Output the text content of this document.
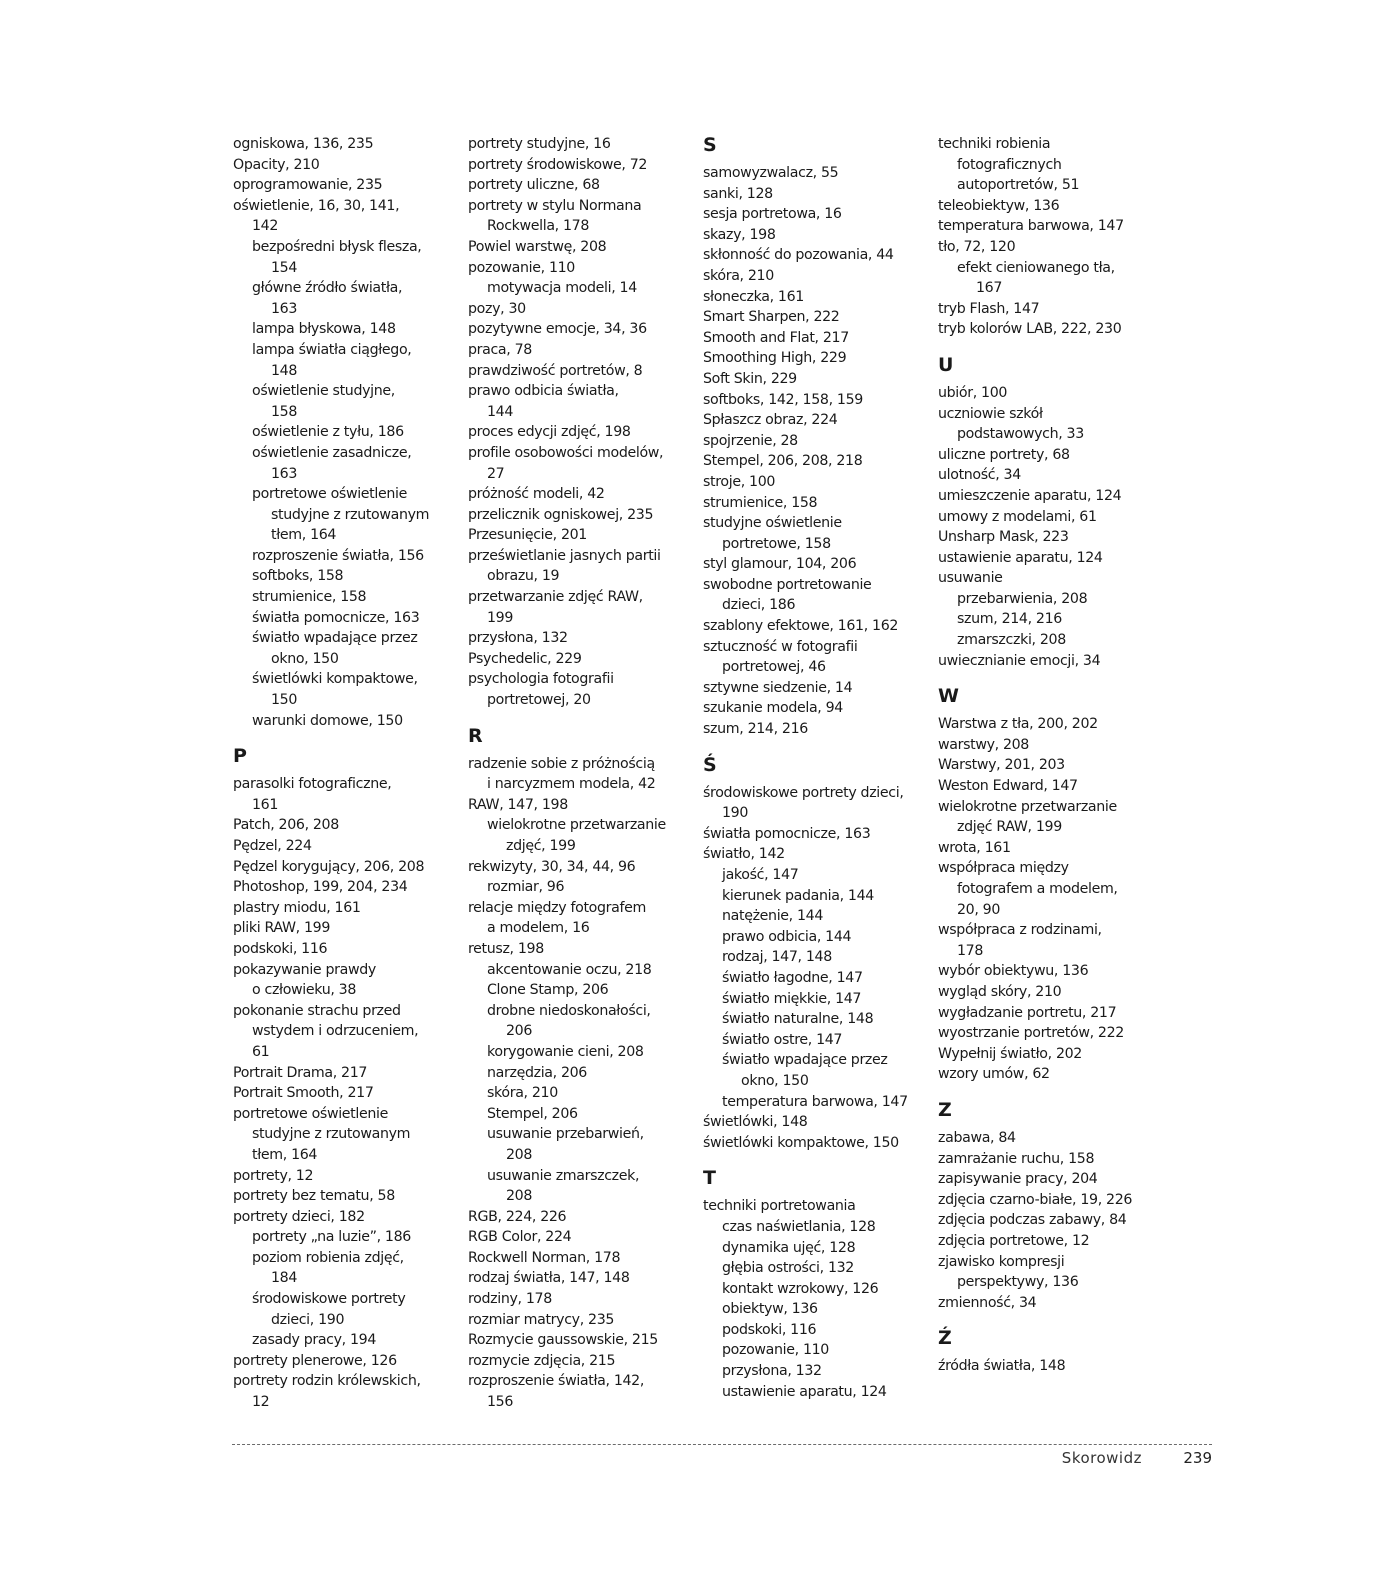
ogniskowa, 136, 235
Opacity, 210
oprogramowanie, 235
oświetlenie, 16, 30, 141,
142
bezpośredni błysk flesza,
154
główne źródło światła,
163
lampa błyskowa, 148
lampa światła ciągłego,
148
oświetlenie studyjne,
158
oświetlenie z tyłu, 186
oświetlenie zasadnicze,
163
portretowe oświetlenie
studyjne z rzutowanym
tłem, 164
rozproszenie światła, 156
softboks, 158
strumienice, 158
światła pomocnicze, 163
światło wpadające przez
okno, 150
świetlówki kompaktowe,
150
warunki domowe, 150
P
parasolki fotograficzne,
161
Patch, 206, 208
Pędzel, 224
Pędzel korygujący, 206, 208
Photoshop, 199, 204, 234
plastry miodu, 161
pliki RAW, 199
podskoki, 116
pokazywanie prawdy
o człowieku, 38
pokonanie strachu przed
wstydem i odrzuceniem,
61
Portrait Drama, 217
Portrait Smooth, 217
portretowe oświetlenie
studyjne z rzutowanym
tłem, 164
portrety, 12
portrety bez tematu, 58
portrety dzieci, 182
portrety „na luzie”, 186
poziom robienia zdjęć,
184
środowiskowe portrety
dzieci, 190
zasady pracy, 194
portrety plenerowe, 126
portrety rodzin królewskich,
12
portrety studyjne, 16
portrety środowiskowe, 72
portrety uliczne, 68
portrety w stylu Normana
Rockwella, 178
Powiel warstwę, 208
pozowanie, 110
motywacja modeli, 14
pozy, 30
pozytywne emocje, 34, 36
praca, 78
prawdziwość portretów, 8
prawo odbicia światła,
144
proces edycji zdjęć, 198
profile osobowości modelów,
27
próżność modeli, 42
przelicznik ogniskowej, 235
Przesunięcie, 201
prześwietlanie jasnych partii
obrazu, 19
przetwarzanie zdjęć RAW,
199
przysłona, 132
Psychedelic, 229
psychologia fotografii
portretowej, 20
R
radzenie sobie z próżnością
i narcyzmem modela, 42
RAW, 147, 198
wielokrotne przetwarzanie
zdjęć, 199
rekwizyty, 30, 34, 44, 96
rozmiar, 96
relacje między fotografem
a modelem, 16
retusz, 198
akcentowanie oczu, 218
Clone Stamp, 206
drobne niedoskonałości,
206
korygowanie cieni, 208
narzędzia, 206
skóra, 210
Stempel, 206
usuwanie przebarwień,
208
usuwanie zmarszczek,
208
RGB, 224, 226
RGB Color, 224
Rockwell Norman, 178
rodzaj światła, 147, 148
rodziny, 178
rozmiar matrycy, 235
Rozmycie gaussowskie, 215
rozmycie zdjęcia, 215
rozproszenie światła, 142,
156
S
samowyzwalacz, 55
sanki, 128
sesja portretowa, 16
skazy, 198
skłonność do pozowania, 44
skóra, 210
słoneczka, 161
Smart Sharpen, 222
Smooth and Flat, 217
Smoothing High, 229
Soft Skin, 229
softboks, 142, 158, 159
Spłaszcz obraz, 224
spojrzenie, 28
Stempel, 206, 208, 218
stroje, 100
strumienice, 158
studyjne oświetlenie
portretowe, 158
styl glamour, 104, 206
swobodne portretowanie
dzieci, 186
szablony efektowe, 161, 162
sztuczność w fotografii
portretowej, 46
sztywne siedzenie, 14
szukanie modela, 94
szum, 214, 216
Ś
środowiskowe portrety dzieci,
190
światła pomocnicze, 163
światło, 142
jakość, 147
kierunek padania, 144
natężenie, 144
prawo odbicia, 144
rodzaj, 147, 148
światło łagodne, 147
światło miękkie, 147
światło naturalne, 148
światło ostre, 147
światło wpadające przez
okno, 150
temperatura barwowa, 147
świetlówki, 148
świetlówki kompaktowe, 150
T
techniki portretowania
czas naświetlania, 128
dynamika ujęć, 128
głębia ostrości, 132
kontakt wzrokowy, 126
obiektyw, 136
podskoki, 116
pozowanie, 110
przysłona, 132
ustawienie aparatu, 124
techniki robienia
fotograficznych
autoportretów, 51
teleobiektyw, 136
temperatura barwowa, 147
tło, 72, 120
efekt cieniowanego tła,
167
tryb Flash, 147
tryb kolorów LAB, 222, 230
U
ubiór, 100
uczniowie szkół
podstawowych, 33
uliczne portrety, 68
ulotność, 34
umieszczenie aparatu, 124
umowy z modelami, 61
Unsharp Mask, 223
ustawienie aparatu, 124
usuwanie
przebarwienia, 208
szum, 214, 216
zmarszczki, 208
uwiecznianie emocji, 34
W
Warstwa z tła, 200, 202
warstwy, 208
Warstwy, 201, 203
Weston Edward, 147
wielokrotne przetwarzanie
zdjęć RAW, 199
wrota, 161
współpraca między
fotografem a modelem,
20, 90
współpraca z rodzinami,
178
wybór obiektywu, 136
wygląd skóry, 210
wygładzanie portretu, 217
wyostrzanie portretów, 222
Wypełnij światło, 202
wzory umów, 62
Z
zabawa, 84
zamrażanie ruchu, 158
zapisywanie pracy, 204
zdjęcia czarno-białe, 19, 226
zdjęcia podczas zabawy, 84
zdjęcia portretowe, 12
zjawisko kompresji
perspektywy, 136
zmienność, 34
Ź
źródła światła, 148
Skorowidz	239
